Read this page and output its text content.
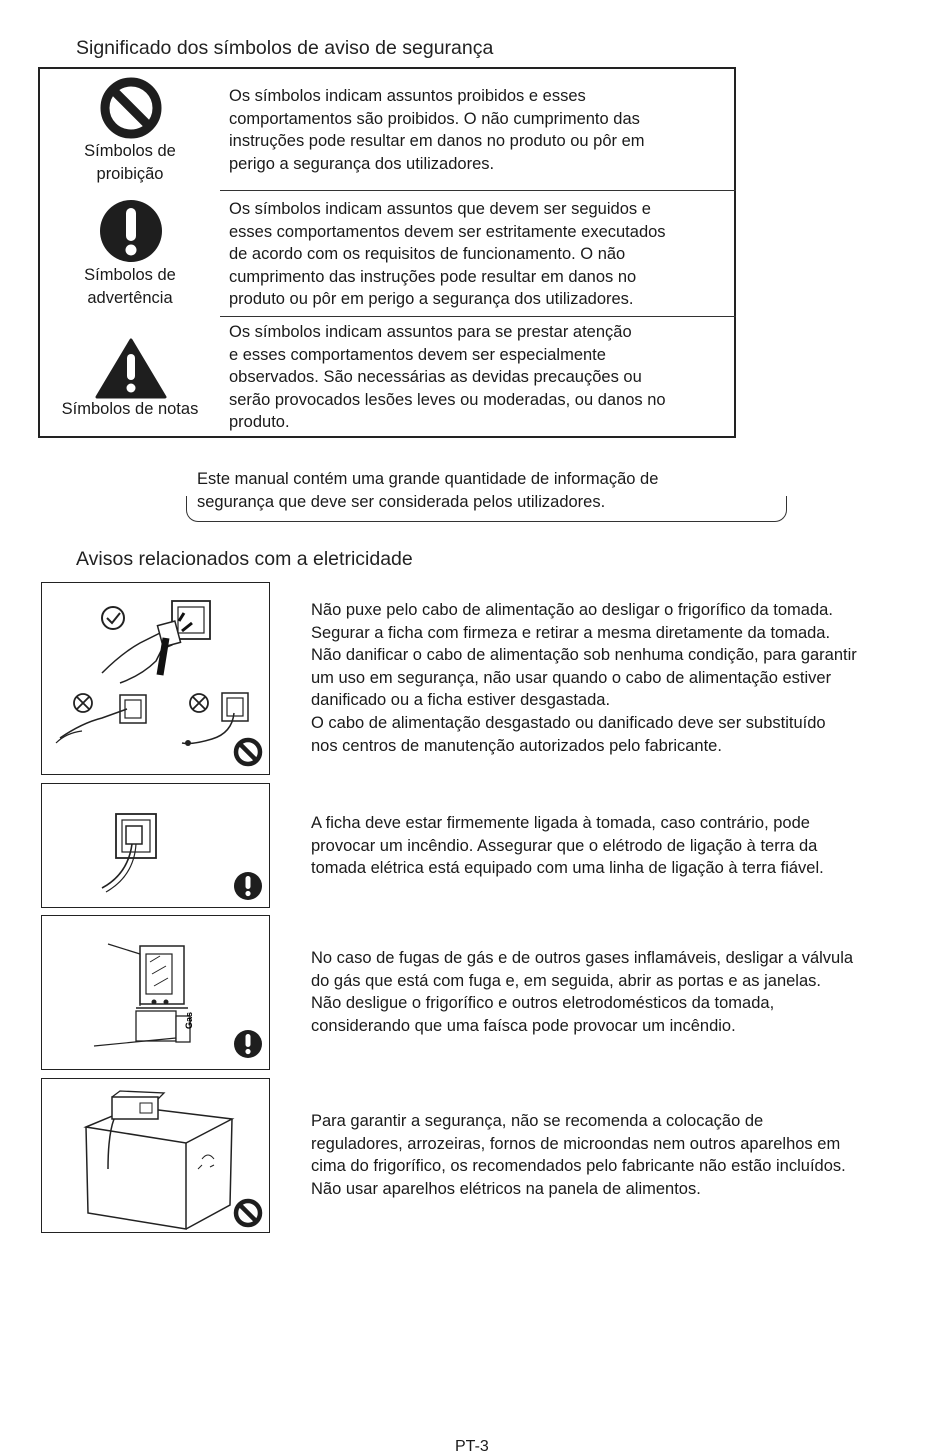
Significado dos símbolos de aviso de segurança
Símbolos de
proibição
Os símbolos indicam assuntos proibidos e esses
comportamentos são proibidos. O não cumprimento das
instruções pode resultar em danos no produto ou pôr em
perigo a segurança dos utilizadores.
Símbolos de
advertência
Os símbolos indicam assuntos que devem ser seguidos e
esses comportamentos devem ser estritamente executados
de acordo com os requisitos de funcionamento. O não
cumprimento das instruções pode resultar em danos no
produto ou pôr em perigo a segurança dos utilizadores.
Símbolos de notas
Os símbolos indicam assuntos para se prestar atenção
e esses comportamentos devem ser especialmente
observados. São necessárias as devidas precauções ou
serão provocados lesões leves ou moderadas, ou danos no
produto.
Este manual contém uma grande quantidade de informação de
segurança que deve ser considerada pelos utilizadores.
Avisos relacionados com a eletricidade
Não puxe pelo cabo de alimentação ao desligar o frigorífico da tomada.
Segurar a ficha com firmeza e retirar a mesma diretamente da tomada.
Não danificar o cabo de alimentação sob nenhuma condição, para garantir
um uso em segurança, não usar quando o cabo de alimentação estiver
danificado ou a ficha estiver desgastada.
O cabo de alimentação desgastado ou danificado deve ser substituído
nos centros de manutenção autorizados pelo fabricante.
A ficha deve estar firmemente ligada à tomada, caso contrário, pode
provocar um incêndio. Assegurar que o elétrodo de ligação à terra da
tomada elétrica está equipado com uma linha de ligação à terra fiável.
Gas
No caso de fugas de gás e de outros gases inflamáveis, desligar a válvula
do gás que está com fuga e, em seguida, abrir as portas e as janelas.
Não desligue o frigorífico e outros eletrodomésticos da tomada,
considerando que uma faísca pode provocar um incêndio.
Para garantir a segurança, não se recomenda a colocação de
reguladores, arrozeiras, fornos de microondas nem outros aparelhos em
cima do frigorífico, os recomendados pelo fabricante não estão incluídos.
Não usar aparelhos elétricos na panela de alimentos.
PT-3
